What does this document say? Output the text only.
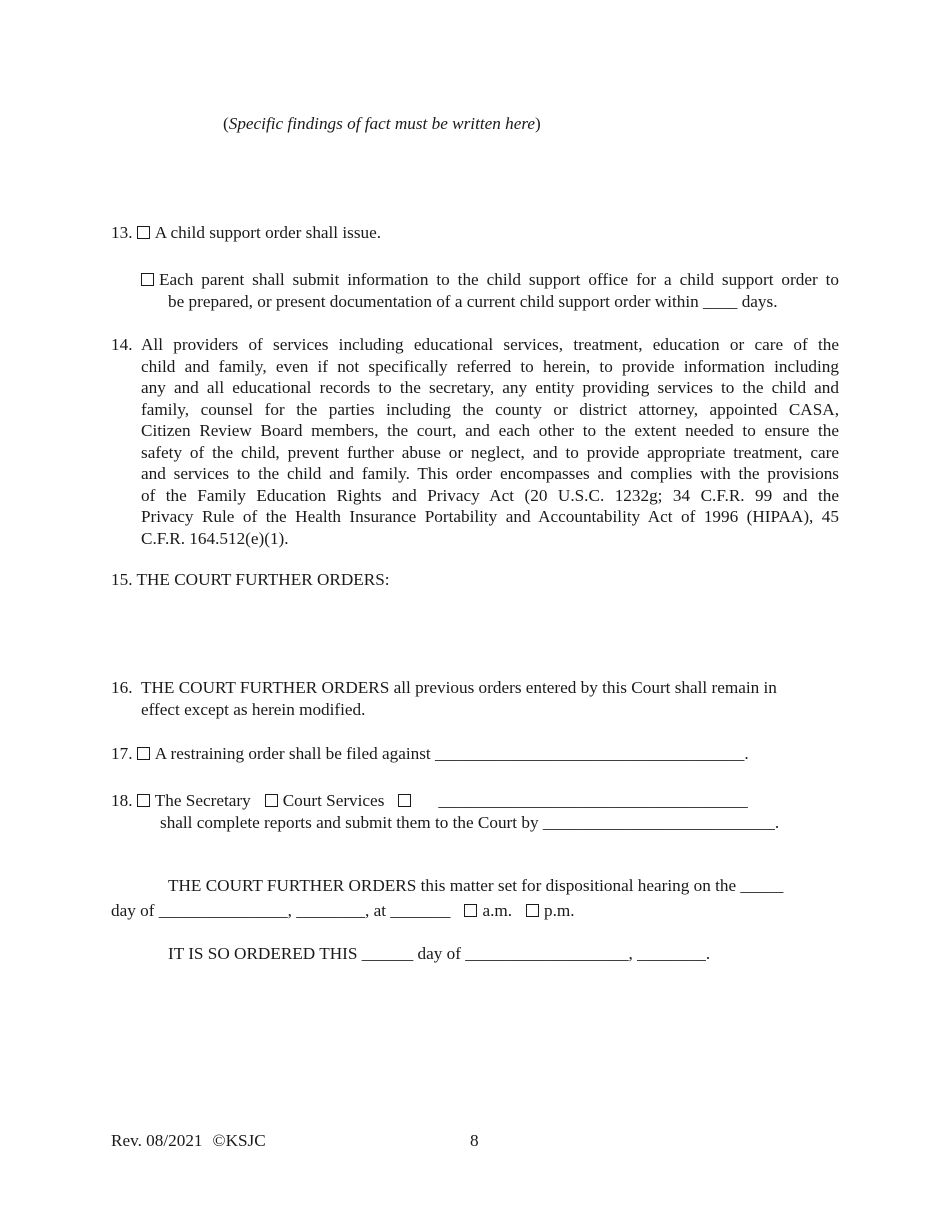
(Specific findings of fact must be written here)
13. A child support order shall issue.
Each parent shall submit information to the child support office for a child support order to
be prepared, or present documentation of a current child support order within ____ days.
14. All providers of services including educational services, treatment, education or care of the
child and family, even if not specifically referred to herein, to provide information including
any and all educational records to the secretary, any entity providing services to the child and
family, counsel for the parties including the county or district attorney, appointed CASA,
Citizen Review Board members, the court, and each other to the extent needed to ensure the
safety of the child, prevent further abuse or neglect, and to provide appropriate treatment, care
and services to the child and family. This order encompasses and complies with the provisions
of the Family Education Rights and Privacy Act (20 U.S.C. 1232g; 34 C.F.R. 99 and the
Privacy Rule of the Health Insurance Portability and Accountability Act of 1996 (HIPAA), 45
C.F.R. 164.512(e)(1).
15. THE COURT FURTHER ORDERS:
16. THE COURT FURTHER ORDERS all previous orders entered by this Court shall remain in
effect except as herein modified.
17. A restraining order shall be filed against ____________________________________.
18. The Secretary Court Services	____________________________________
shall complete reports and submit them to the Court by ___________________________.
THE COURT FURTHER ORDERS this matter set for dispositional hearing on the _____
day of _______________, ________, at _______ a.m. p.m.
IT IS SO ORDERED THIS ______ day of ___________________, ________.
Rev. 08/2021 ©KSJC	8
